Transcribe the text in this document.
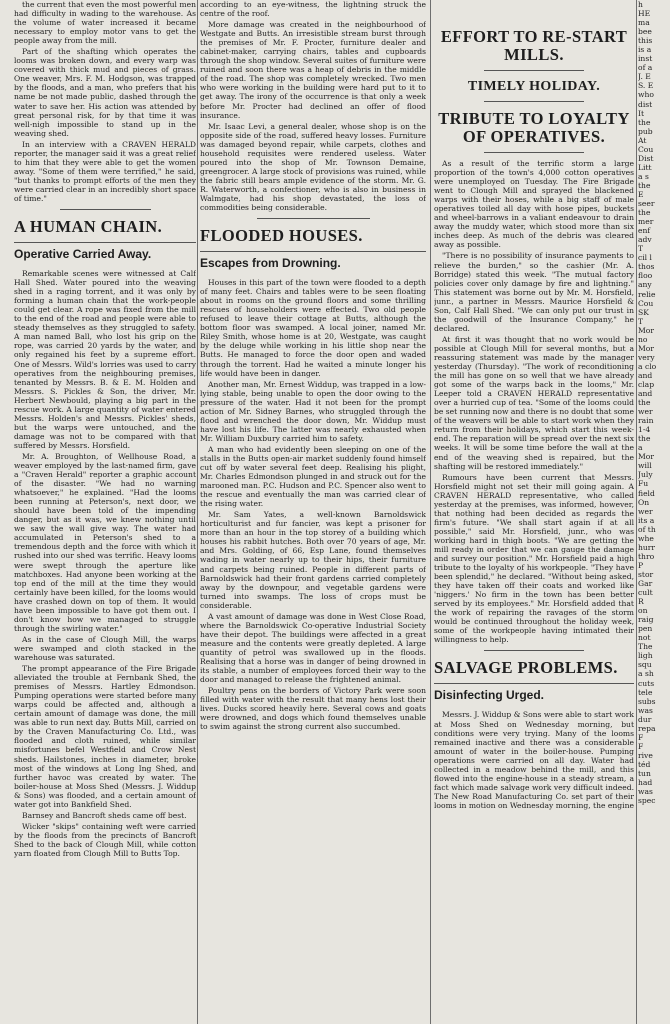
the current that even the most powerful men had difficulty in wading to the warehouse. As the volume of water increased it became necessary to employ motor vans to get the people away from the mill.

Part of the shafting which operates the looms was broken down, and every warp was covered with thick mud and pieces of grass. One weaver, Mrs. F. M. Hodgson, was trapped by the floods, and a man, who prefers that his name be not made public, dashed through the water to save her. His action was attended by great personal risk, for by that time it was well-nigh impossible to stand up in the weaving shed.

In an interview with a CRAVEN HERALD reporter, the manager said it was a great relief to him that they were able to get the women away. "Some of them were terrified," he said, "but thanks to prompt efforts of the men they were carried clear in an incredibly short space of time."

A HUMAN CHAIN.
Operative Carried Away.

Remarkable scenes were witnessed at Calf Hall Shed. Water poured into the weaving shed in a raging torrent, and it was only by forming a human chain that the work-people could get clear. A rope was fixed from the mill to the end of the road and people were able to steady themselves as they struggled to safety. A man named Ball, who lost his grip on the rope, was carried 20 yards by the water, and only regained his feet by a supreme effort. One of Messrs. Wild's lorries was used to carry operatives from the neighbouring premises, tenanted by Messrs. B. & E. M. Holden and Messrs. S. Pickles & Son, the driver, Mr. Herbert Newbould, playing a big part in the rescue work. A large quantity of water entered Messrs. Holden's and Messrs. Pickles' sheds, but the warps were untouched, and the damage was not to be compared with that suffered by Messrs. Horsfield.

Mr. A. Broughton, of Wellhouse Road, a weaver employed by the last-named firm, gave a "Craven Herald" reporter a graphic account of the disaster. "We had no warning whatsoever," he explained. "Had the looms been running at Peterson's, next door, we should have been told of the impending danger, but as it was, we knew nothing until we saw the wall give way. The water had accumulated in Peterson's shed to a tremendous depth and the force with which it rushed into our shed was terrific. Heavy looms were swept through the aperture like matchboxes. Had anyone been working at the top end of the mill at the time they would certainly have been killed, for the looms would have crashed down on top of them. It would have been impossible to have got them out. I don't know how we managed to struggle through the swirling water."

As in the case of Clough Mill, the warps were swamped and cloth stacked in the warehouse was saturated.

The prompt appearance of the Fire Brigade alleviated the trouble at Fernbank Shed, the premises of Messrs. Hartley Edmondson. Pumping operations were started before many warps could be affected and, although a certain amount of damage was done, the mill was able to run next day. Butts Mill, carried on by the Craven Manufacturing Co. Ltd., was flooded and cloth ruined, while similar misfortunes befel Westfield and Crow Nest sheds. Hailstones, inches in diameter, broke most of the windows at Long Ing Shed, and further havoc was created by water. The boiler-house at Moss Shed (Messrs. J. Widdup & Sons) was flooded, and a certain amount of water got into Bankfield Shed.

Barnsey and Bancroft sheds came off best.

Wicker "skips" containing weft were carried by the floods from the precincts of Bancroft Shed to the back of Clough Mill, while cotton yarn floated from Clough Mill to Butts Top.

according to an eye-witness, the lightning struck the centre of the roof.

More damage was created in the neighbourhood of Westgate and Butts. An irresistible stream burst through the premises of Mr. F. Procter, furniture dealer and cabinet-maker, carrying chairs, tables and cupboards through the shop window. Several suites of furniture were ruined and soon there was a heap of debris in the middle of the road. The shop was completely wrecked. Two men who were working in the building were hard put to it to get away. The irony of the occurrence is that only a week before Mr. Procter had declined an offer of flood insurance.

Mr. Isaac Levi, a general dealer, whose shop is on the opposite side of the road, suffered heavy losses. Furniture was damaged beyond repair, while carpets, clothes and household requisites were rendered useless. Water poured into the shop of Mr. Townson Demaine, greengrocer. A large stock of provisions was ruined, while the fabric still bears ample evidence of the storm. Mr. G. R. Waterworth, a confectioner, who is also in business in Walmgate, had his shop devastated, the loss of commodities being considerable.

FLOODED HOUSES.
Escapes from Drowning.

Houses in this part of the town were flooded to a depth of many feet. Chairs and tables were to be seen floating about in rooms on the ground floors and some thrilling rescues of householders were effected. Two old people refused to leave their cottage at Butts, although the bottom floor was swamped. A local joiner, named Mr. Riley Smith, whose home is at 20, Westgate, was caught by the deluge while working in his little shop near the Butts. He managed to force the door open and waded through the torrent. Had he waited a minute longer his life would have been in danger.

Another man, Mr. Ernest Widdup, was trapped in a low-lying stable, being unable to open the door owing to the pressure of the water. Had it not been for the prompt action of Mr. Sidney Barnes, who struggled through the flood and wrenched the door down, Mr. Widdup must have lost his life. The latter was nearly exhausted when Mr. William Duxbury carried him to safety.

A man who had evidently been sleeping on one of the stalls in the Butts open-air market suddenly found himself cut off by water several feet deep. Realising his plight, Mr. Charles Edmondson plunged in and struck out for the marooned man. P.C. Hudson and P.C. Spencer also went to the rescue and eventually the man was carried clear of the rising water.

Mr. Sam Yates, a well-known Barnoldswick horticulturist and fur fancier, was kept a prisoner for more than an hour in the top storey of a building which houses his rabbit hutches. Both over 70 years of age, Mr. and Mrs. Golding, of 66, Esp Lane, found themselves wading in water nearly up to their hips, their furniture and carpets being ruined. People in different parts of Barnoldswick had their front gardens carried completely away by the downpour, and vegetable gardens were turned into swamps. The loss of crops must be considerable.

A vast amount of damage was done in West Close Road, where the Barnoldswick Co-operative Industrial Society have their depot. The buildings were affected in a great measure and the contents were greatly depleted. A large quantity of petrol was swallowed up in the floods. Realising that a horse was in danger of being drowned in its stable, a number of employees forced their way to the door and managed to release the frightened animal.

Poultry pens on the borders of Victory Park were soon filled with water with the result that many hens lost their lives. Ducks scored heavily here. Several cows and goats were drowned, and dogs which found themselves unable to swim against the strong current also succumbed.

EFFORT TO RE-START MILLS.
TIMELY HOLIDAY.
TRIBUTE TO LOYALTY OF OPERATIVES.

As a result of the terrific storm a large proportion of the town's 4,000 cotton operatives were unemployed on Tuesday. The Fire Brigade went to Clough Mill and sprayed the blackened warps with their hoses, while a big staff of male operatives toiled all day with hose pipes, buckets and wheel-barrows in a valiant endeavour to drain away the muddy water, which stood more than six inches deep. As much of the debris was cleared away as possible.

"There is no possibility of insurance payments to relieve the burden," so the cashier (Mr. A. Borridge) stated this week. "The mutual factory policies cover only damage by fire and lightning." This statement was borne out by Mr. M. Horsfield, junr., a partner in Messrs. Maurice Horsfield & Son, Calf Hall Shed. "We can only put our trust in the goodwill of the Insurance Company," he declared.

At first it was thought that no work would be possible at Clough Mill for several months, but a reassuring statement was made by the manager yesterday (Thursday). "The work of reconditioning the mill has gone on so well that we have already got some of the warps back in the looms," Mr. Leeper told a CRAVEN HERALD representative over a hurried cup of tea. "Some of the looms could be set running now and there is no doubt that some of the weavers will be able to start work when they return from their holidays, which start this week-end. The reparation will be spread over the next six weeks. It will be some time before the wall at the end of the weaving shed is repaired, but the shafting will be restored immediately."

Rumours have been current that Messrs. Horsfield might not set their mill going again. A CRAVEN HERALD representative, who called yesterday at the premises, was informed, however, that nothing had been decided as regards the firm's future. "We shall start again if at all possible," said Mr. Horsfield, junr., who was working hard in thigh boots. "We are getting the mill ready in order that we can gauge the damage and survey our position." Mr. Horsfield paid a high tribute to the loyalty of his workpeople. "They have been splendid," he declared. "Without being asked, they have taken off their coats and worked like 'niggers.' No firm in the town has been better served by its employees." Mr. Horsfield added that the work of repairing the ravages of the storm would be continued throughout the holiday week, some of the workpeople having intimated their willingness to help.

SALVAGE PROBLEMS.
Disinfecting Urged.

Messrs. J. Widdup & Sons were able to start work at Moss Shed on Wednesday morning, but conditions were very trying. Many of the looms remained inactive and there was a considerable amount of water in the boiler-house. Pumping operations were carried on all day. Water had collected in a meadow behind the mill, and this flowed into the engine-house in a steady stream, a fact which made salvage work very difficult indeed. The New Road Manufacturing Co. set part of their looms in motion on Wednesday morning, the engine

h
HE
ma
bee
this
is a
inst
of a
J. E
S. E
who
dist
It
the
pub
At
Cou
Dist
Litt
a s
the
E
seer
the
mer
enf
adv
T
cil l
thos
floo
any
relie
Cou
SK
T
Mor
no
Mor
very
a clo
and
clap
and
the
wer
rain
1-4
the
a
Mor
will
July
Fu
field
On
wer
its a
of th
whe
hurr
thro
P
stor
Gar
cult
R
on
raig
pen
not
The
ligh
squ
a sh
cuts
tele
subs
was
dur
repa
F
F
rive
téd
tun
had
was
spec
